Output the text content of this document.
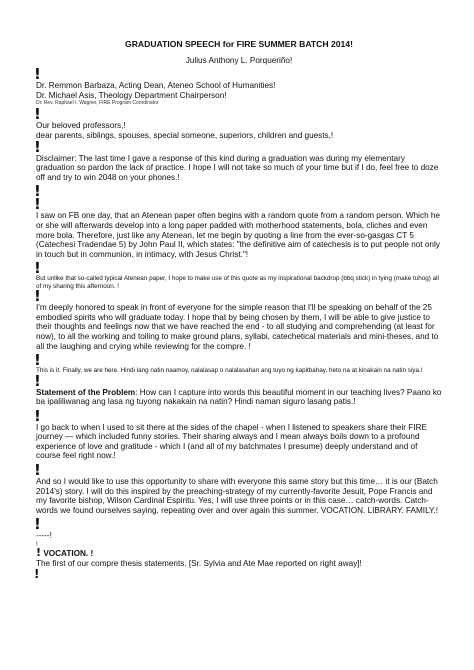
GRADUATION SPEECH for FIRE SUMMER BATCH 2014!

Julius Anthony L. Porqueriño!

!

Dr. Remmon Barbaza, Acting Dean, Ateneo School of Humanities!

Dr. Michael Asis, Theology Department Chairperson!

Dr. Rev. Raphael I. Wagner, FIRE Program Coordinator

!

Our beloved professors,!

dear parents, siblings, spouses, special someone, superiors, children and guests,!

!

Disclaimer: The last time I gave a response of this kind during a graduation was during my elementary graduation so pardon the lack of practice. I hope I will not take so much of your time but if I do, feel free to doze off and try to win 2048 on your phones.!

!

!

I saw on FB one day, that an Atenean paper often begins with a random quote from a random person. Which he or she will afterwards develop into a long paper padded with motherhood statements, bola, cliches and even more bola. Therefore, just like any Atenean, let me begin by quoting a line from the ever-so-gasgas CT 5 (Catechesi Tradendae 5) by John Paul II, which states: "the definitive aim of catechesis is to put people not only in touch but in communion, in intimacy, with Jesus Christ."!

!

But unlike that so-called typical Atenean paper, I hope to make use of this quote as my inspirational backdrop (bbq stick) in tying (make tuhog) all of my sharing this afternoon. !

!

I'm deeply honored to speak in front of everyone for the simple reason that I'll be speaking on behalf of the 25 embodied spirits who will graduate today. I hope that by being chosen by them, I will be able to give justice to their thoughts and feelings now that we have reached the end - to all studying and comprehending (at least for now), to all the working and toiling to make ground plans, syllabi, catechetical materials and mini-theses, and to all the laughing and crying while reviewing for the compre. !

!

This is it. Finally, we are here. Hindi lang natin naamoy, nalalasap o nalalasahan ang tuyo ng kapitbahay, heto na at kinakain na natin siya.!

!

Statement of the Problem: How can I capture into words this beautiful moment in our teaching lives? Paano ko ba ipaliliwanag ang lasa ng tuyong nakakain na natin? Hindi naman siguro lasang patis.!

!

I go back to when I used to sit there at the sides of the chapel - when I listened to speakers share their FIRE journey — which included funny stories. Their sharing always and I mean always boils down to a profound experience of love and gratitude - which I (and all of my batchmates I presume) deeply understand and of course feel right now.!

!

And so I would like to use this opportunity to share with everyone this same story but this time… it is our (Batch 2014's) story. I will do this inspired by the preaching-strategy of my currently-favorite Jesuit, Pope Francis and my favorite bishop, Wilson Cardinal Espiritu. Yes, I will use three points or in this case… catch-words. Catch-words we found ourselves saying, repeating over and over again this summer. VOCATION. LIBRARY. FAMILY.!

!

-----!

!

! VOCATION. !

The first of our compre thesis statements. [Sr. Sylvia and Ate Mae reported on right away]!

!
